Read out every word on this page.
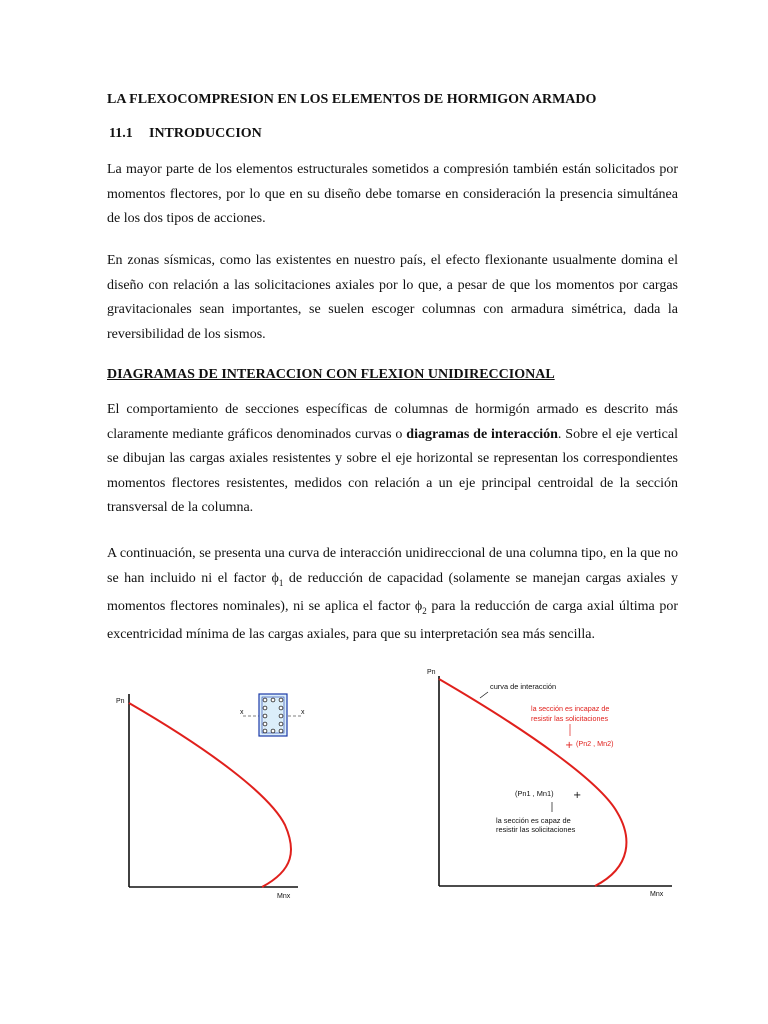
LA FLEXOCOMPRESION EN LOS ELEMENTOS DE HORMIGON ARMADO
11.1 INTRODUCCION

La mayor parte de los elementos estructurales sometidos a compresión también están solicitados por momentos flectores, por lo que en su diseño debe tomarse en consideración la presencia simultánea de los dos tipos de acciones.

En zonas sísmicas, como las existentes en nuestro país, el efecto flexionante usualmente domina el diseño con relación a las solicitaciones axiales por lo que, a pesar de que los momentos por cargas gravitacionales sean importantes, se suelen escoger columnas con armadura simétrica, dada la reversibilidad de los sismos.

DIAGRAMAS DE INTERACCION CON FLEXION UNIDIRECCIONAL

El comportamiento de secciones específicas de columnas de hormigón armado es descrito más claramente mediante gráficos denominados curvas o diagramas de interacción. Sobre el eje vertical se dibujan las cargas axiales resistentes y sobre el eje horizontal se representan los correspondientes momentos flectores resistentes, medidos con relación a un eje principal centroidal de la sección transversal de la columna.

A continuación, se presenta una curva de interacción unidireccional de una columna tipo, en la que no se han incluido ni el factor $\phi_1$ de reducción de capacidad (solamente se manejan cargas axiales y momentos flectores nominales), ni se aplica el factor $\phi_2$ para la reducción de carga axial última por excentricidad mínima de las cargas axiales, para que su interpretación sea más sencilla.

Pn
Mnx
x	x
Pn
Mnx
curva de interacción
la sección es incapaz de
resistir las solicitaciones
+ (Pn2 , Mn2)
(Pn1 , Mn1) +
la sección es capaz de
resistir las solicitaciones
